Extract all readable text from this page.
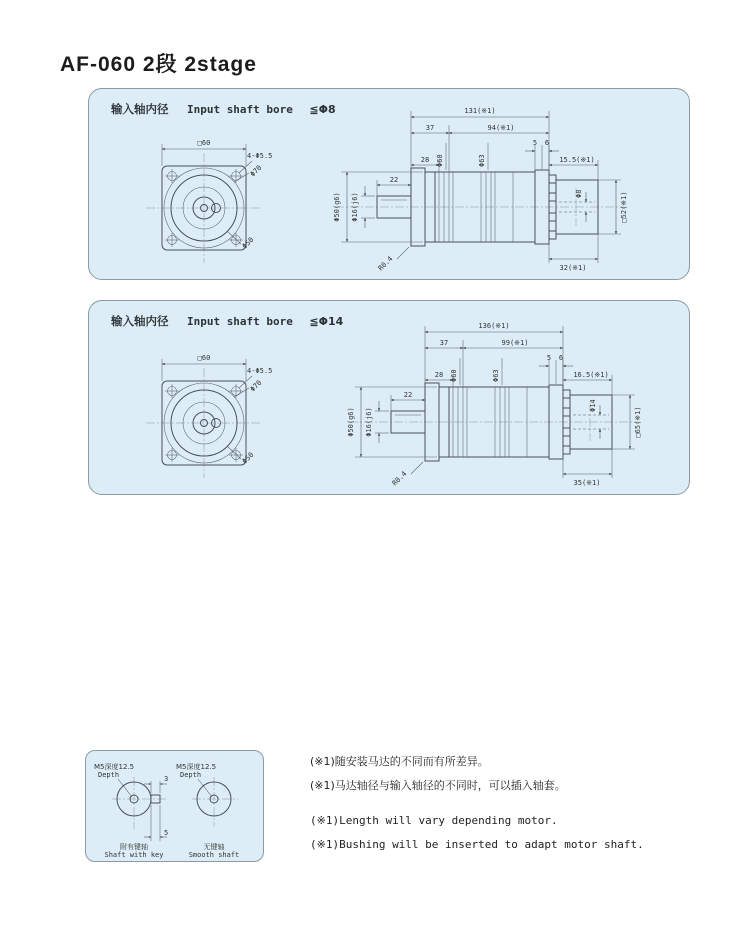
AF-060 2段 2stage
输入轴内径 Input shaft bore ≦Φ8
□60
4-Φ5.5
Φ70
Φ50
22
131(※1)
37	94(※1)
5 6
28	15.5(※1)
Φ50(g6) Φ16(j6)
Φ60	Φ63
Φ8	□52(※1)
32(※1)
R0.4
输入轴内径 Input shaft bore ≦Φ14
□60
4-Φ5.5
Φ70
Φ50
22
136(※1)
37	99(※1)
5 6
28	16.5(※1)
Φ50(g6) Φ16(j6)
Φ60	Φ63
Φ14
□65(※1)
35(※1)
R0.4
M5深度12.5
Depth	3
5
附有键轴
Shaft with key
M5深度12.5
Depth
无键轴
Smooth shaft
(※1)随安装马达的不同而有所差异。
(※1)马达轴径与输入轴径的不同时，可以插入轴套。
(※1)Length will vary depending motor.
(※1)Bushing will be inserted to adapt motor shaft.
